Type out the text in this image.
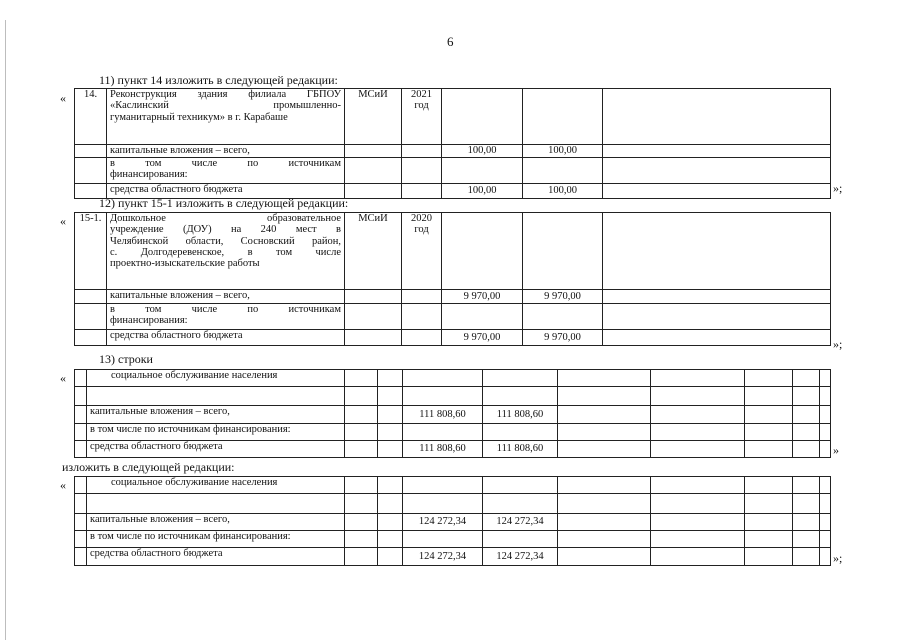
6
11) пункт 14 изложить в следующей редакции:
«
»;
14.	Реконструкция здания филиала ГБПОУ
«Каслинский промышленно-
гуманитарный техникум» в г. Карабаше	МСиИ	2021 год			
	капитальные вложения – всего,			100,00	100,00	

	в том числе по источникам
финансирования:					

	средства областного бюджета			100,00	100,00	
12) пункт 15-1 изложить в следующей редакции:
«
»;
15-1.	Дошкольное образовательное
учреждение (ДОУ) на 240 мест в
Челябинской области, Сосновский район,
с. Долгодеревенское, в том числе
проектно-изыскательские работы	МСиИ	2020 год			
	капитальные вложения – всего,			9 970,00	9 970,00	

	в том числе по источникам
финансирования:					

	средства областного бюджета			9 970,00	9 970,00	
13) строки
«
»
	социальное обслуживание населения									

	капитальные вложения – всего,			111 808,60	111 808,60					
	в том числе по источникам финансирования:									
	средства областного бюджета			111 808,60	111 808,60					
изложить в следующей редакции:
«
»;
	социальное обслуживание населения									

	капитальные вложения – всего,			124 272,34	124 272,34					
	в том числе по источникам финансирования:									
	средства областного бюджета			124 272,34	124 272,34					
